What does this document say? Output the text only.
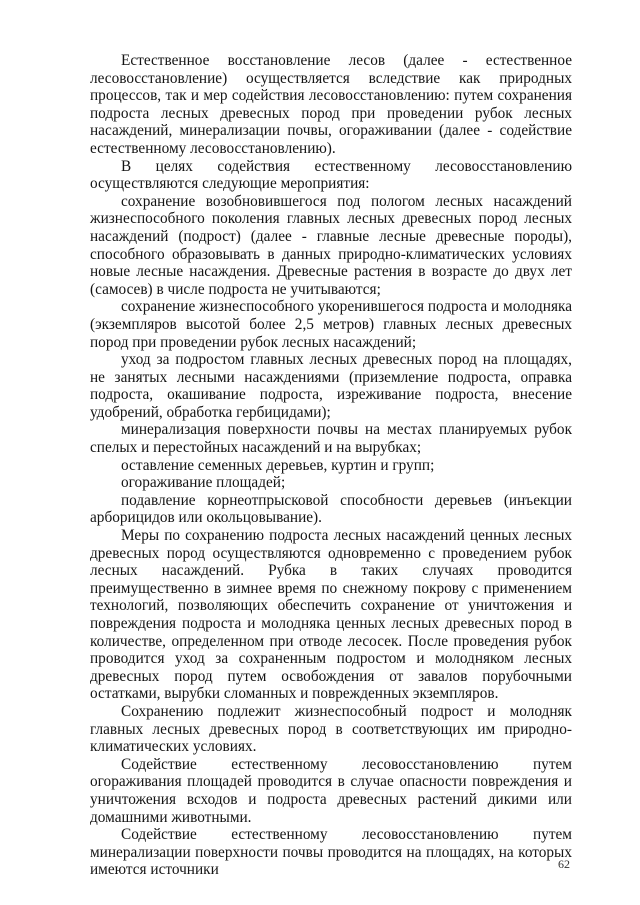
Естественное восстановление лесов (далее - естественное лесовосстановление) осуществляется вследствие как природных процессов, так и мер содействия лесовосстановлению: путем сохранения подроста лесных древесных пород при проведении рубок лесных насаждений, минерализации почвы, огораживании (далее - содействие естественному лесовосстановлению).

В целях содействия естественному лесовосстановлению осуществляются следующие мероприятия:

сохранение возобновившегося под пологом лесных насаждений жизнеспособного поколения главных лесных древесных пород лесных насаждений (подрост) (далее - главные лесные древесные породы), способного образовывать в данных природно-климатических условиях новые лесные насаждения. Древесные растения в возрасте до двух лет (самосев) в числе подроста не учитываются;

сохранение жизнеспособного укоренившегося подроста и молодняка (экземпляров высотой более 2,5 метров) главных лесных древесных пород при проведении рубок лесных насаждений;

уход за подростом главных лесных древесных пород на площадях, не занятых лесными насаждениями (приземление подроста, оправка подроста, окашивание подроста, изреживание подроста, внесение удобрений, обработка гербицидами);

минерализация поверхности почвы на местах планируемых рубок спелых и перестойных насаждений и на вырубках;

оставление семенных деревьев, куртин и групп;

огораживание площадей;

подавление корнеотпрысковой способности деревьев (инъекции арборицидов или окольцовывание).

Меры по сохранению подроста лесных насаждений ценных лесных древесных пород осуществляются одновременно с проведением рубок лесных насаждений. Рубка в таких случаях проводится преимущественно в зимнее время по снежному покрову с применением технологий, позволяющих обеспечить сохранение от уничтожения и повреждения подроста и молодняка ценных лесных древесных пород в количестве, определенном при отводе лесосек. После проведения рубок проводится уход за сохраненным подростом и молодняком лесных древесных пород путем освобождения от завалов порубочными остатками, вырубки сломанных и поврежденных экземпляров.

Сохранению подлежит жизнеспособный подрост и молодняк главных лесных древесных пород в соответствующих им природно-климатических условиях.

Содействие естественному лесовосстановлению путем огораживания площадей проводится в случае опасности повреждения и уничтожения всходов и подроста древесных растений дикими или домашними животными.

Содействие естественному лесовосстановлению путем минерализации поверхности почвы проводится на площадях, на которых имеются источники	62
